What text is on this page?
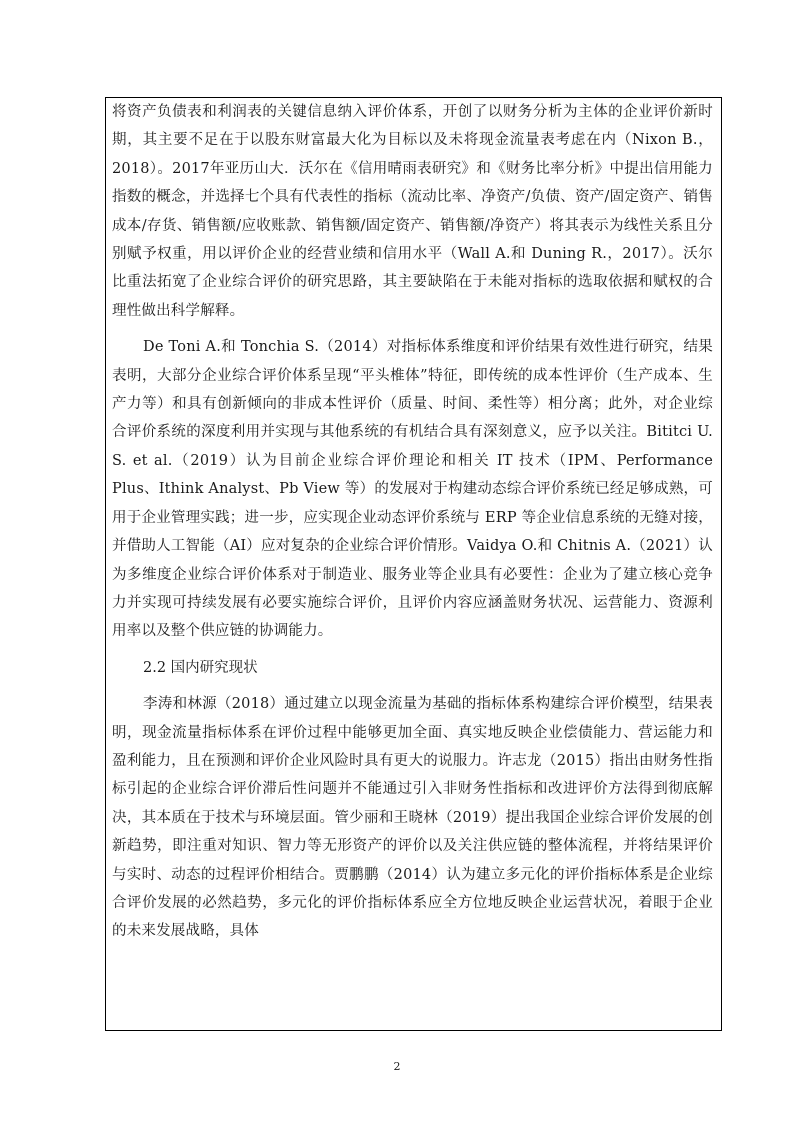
将资产负债表和利润表的关键信息纳入评价体系，开创了以财务分析为主体的企业评价新时期，其主要不足在于以股东财富最大化为目标以及未将现金流量表考虑在内（Nixon B.，2018）。2017年亚历山大．沃尔在《信用晴雨表研究》和《财务比率分析》中提出信用能力指数的概念，并选择七个具有代表性的指标（流动比率、净资产/负债、资产/固定资产、销售成本/存货、销售额/应收账款、销售额/固定资产、销售额/净资产）将其表示为线性关系且分别赋予权重，用以评价企业的经营业绩和信用水平（Wall A.和 Duning R.，2017）。沃尔比重法拓宽了企业综合评价的研究思路，其主要缺陷在于未能对指标的选取依据和赋权的合理性做出科学解释。

De Toni A.和 Tonchia S.（2014）对指标体系维度和评价结果有效性进行研究，结果表明，大部分企业综合评价体系呈现“平头椎体”特征，即传统的成本性评价（生产成本、生产力等）和具有创新倾向的非成本性评价（质量、时间、柔性等）相分离；此外，对企业综合评价系统的深度利用并实现与其他系统的有机结合具有深刻意义，应予以关注。Bititci U. S. et al.（2019）认为目前企业综合评价理论和相关 IT 技术（IPM、Performance Plus、Ithink Analyst、Pb View 等）的发展对于构建动态综合评价系统已经足够成熟，可用于企业管理实践；进一步，应实现企业动态评价系统与 ERP 等企业信息系统的无缝对接，并借助人工智能（AI）应对复杂的企业综合评价情形。Vaidya O.和 Chitnis A.（2021）认为多维度企业综合评价体系对于制造业、服务业等企业具有必要性：企业为了建立核心竞争力并实现可持续发展有必要实施综合评价，且评价内容应涵盖财务状况、运营能力、资源利用率以及整个供应链的协调能力。

2.2 国内研究现状

李涛和林源（2018）通过建立以现金流量为基础的指标体系构建综合评价模型，结果表明，现金流量指标体系在评价过程中能够更加全面、真实地反映企业偿债能力、营运能力和盈利能力，且在预测和评价企业风险时具有更大的说服力。许志龙（2015）指出由财务性指标引起的企业综合评价滞后性问题并不能通过引入非财务性指标和改进评价方法得到彻底解决，其本质在于技术与环境层面。管少丽和王晓林（2019）提出我国企业综合评价发展的创新趋势，即注重对知识、智力等无形资产的评价以及关注供应链的整体流程，并将结果评价与实时、动态的过程评价相结合。贾鹏鹏（2014）认为建立多元化的评价指标体系是企业综合评价发展的必然趋势，多元化的评价指标体系应全方位地反映企业运营状况，着眼于企业的未来发展战略，具体

2
